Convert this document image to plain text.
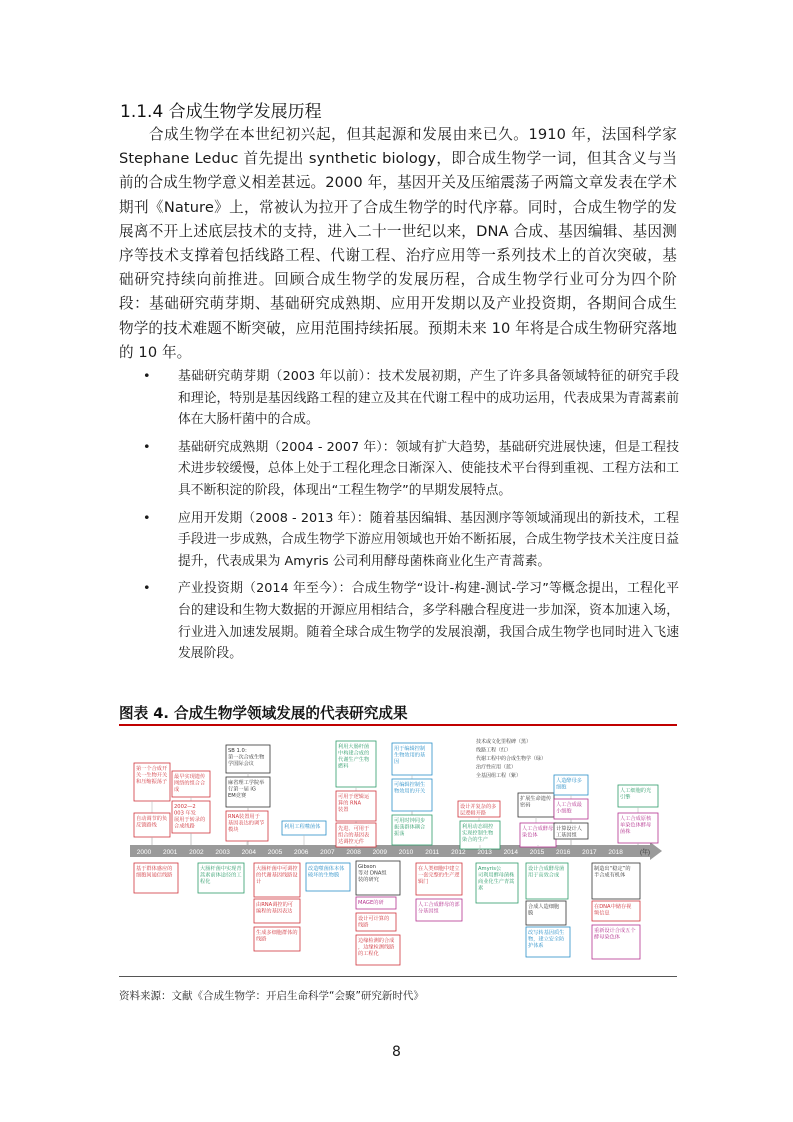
1.1.4 合成生物学发展历程
合成生物学在本世纪初兴起，但其起源和发展由来已久。1910 年，法国科学家 Stephane Leduc 首先提出 synthetic biology，即合成生物学一词，但其含义与当前的合成生物学意义相差甚远。2000 年，基因开关及压缩震荡子两篇文章发表在学术期刊《Nature》上，常被认为拉开了合成生物学的时代序幕。同时，合成生物学的发展离不开上述底层技术的支持，进入二十一世纪以来，DNA 合成、基因编辑、基因测序等技术支撑着包括线路工程、代谢工程、治疗应用等一系列技术上的首次突破，基础研究持续向前推进。回顾合成生物学的发展历程，合成生物学行业可分为四个阶段：基础研究萌芽期、基础研究成熟期、应用开发期以及产业投资期，各期间合成生物学的技术难题不断突破，应用范围持续拓展。预期未来 10 年将是合成生物研究落地的 10 年。
• 基础研究萌芽期（2003 年以前）：技术发展初期，产生了许多具备领域特征的研究手段和理论，特别是基因线路工程的建立及其在代谢工程中的成功运用，代表成果为青蒿素前体在大肠杆菌中的合成。
• 基础研究成熟期（2004 - 2007 年）：领域有扩大趋势，基础研究进展快速，但是工程技术进步较缓慢，总体上处于工程化理念日渐深入、使能技术平台得到重视、工程方法和工具不断积淀的阶段，体现出“工程生物学”的早期发展特点。
• 应用开发期（2008 - 2013 年）：随着基因编辑、基因测序等领域涌现出的新技术，工程手段进一步成熟，合成生物学下游应用领域也开始不断拓展，合成生物学技术关注度日益提升，代表成果为 Amyris 公司利用酵母菌株商业化生产青蒿素。
• 产业投资期（2014 年至今）：合成生物学“设计-构建-测试-学习”等概念提出，工程化平台的建设和生物大数据的开源应用相结合，多学科融合程度进一步加深，资本加速入场，行业进入加速发展期。随着全球合成生物学的发展浪潮，我国合成生物学也同时进入飞速发展阶段。
图表 4. 合成生物学领域发展的代表研究成果
2000 2001 2002 2003 2004 2005 2006 2007 2008 2009 2010 2011 2012 2013 2014 2015 2016 2017 2018	(年)
技术或文化里程碑（黑）
线路工程（红）
代谢工程中的合成生物学（绿）
治疗性应用（蓝）
全基因组工程（紫）
第一个合成开
关一生物开关
和压缩振荡子
自动调节的负
反馈路线
最早实现遗传
网络的组合合
成
2002—2
003 年发
展用于转录的
合成线路
SB 1.0：
第一次合成生物
学国际会议
麻省理工学院举
行第一届 iG
EM竞赛
RNA装置用于
基因表达的调节
模块	利用工程噬菌体
利用大肠杆菌
中构建合成的
代谢生产生物
燃料
可用于逻辑运
算的 RNA
装置
先进、可用于
组合的基因表
达调控元件
用于编辑控制
生物效用的基
因
可编辑控制生
物效用的开关
可用时钟同步
振荡群体耦合
振荡
设计并复杂的多
层逻辑开路
扩展生命遗传
密码
利用动态调控
实现控制生物
染合的生产
人工合成酵母
染色体
人造酵母多
细胞
人工合成最
小细胞
计算设计人
工基因组
人工细胞的光
引擎
人工合成原核
单染色体酵母
菌株
基于群体感应的
细胞间通信线路
大肠杆菌中实现青
蒿素前体途径的工
程化
大肠杆菌中可调控
的代谢基因线路设
计
由RNA调控的可
编程的基因表达
生成多细胞群体的
线路
改造噬菌体本体
破坏的生物膜
Gibson
等对 DNA组
装的研究
MAGE的研
设计可计算的
线路
边缘检测的合成
，边缘检测线路
的工程化
在人类细胞中建立
一套完整的生产逻
辑门
人工合成酵母的部
分基因组
Amyris公
司利用酵母菌株
商业化生产青蒿
素
设计合成酵母菌
用于高效合成
合成人造细胞
膜
改写转基因质生
物，建立安全防
护体系
制造出“稳定”的
半合成有机体
在DNA中储存视
频信息
重新设计合成五个
酵母染色体
资料来源：文献《合成生物学：开启生命科学“会聚”研究新时代》
8
